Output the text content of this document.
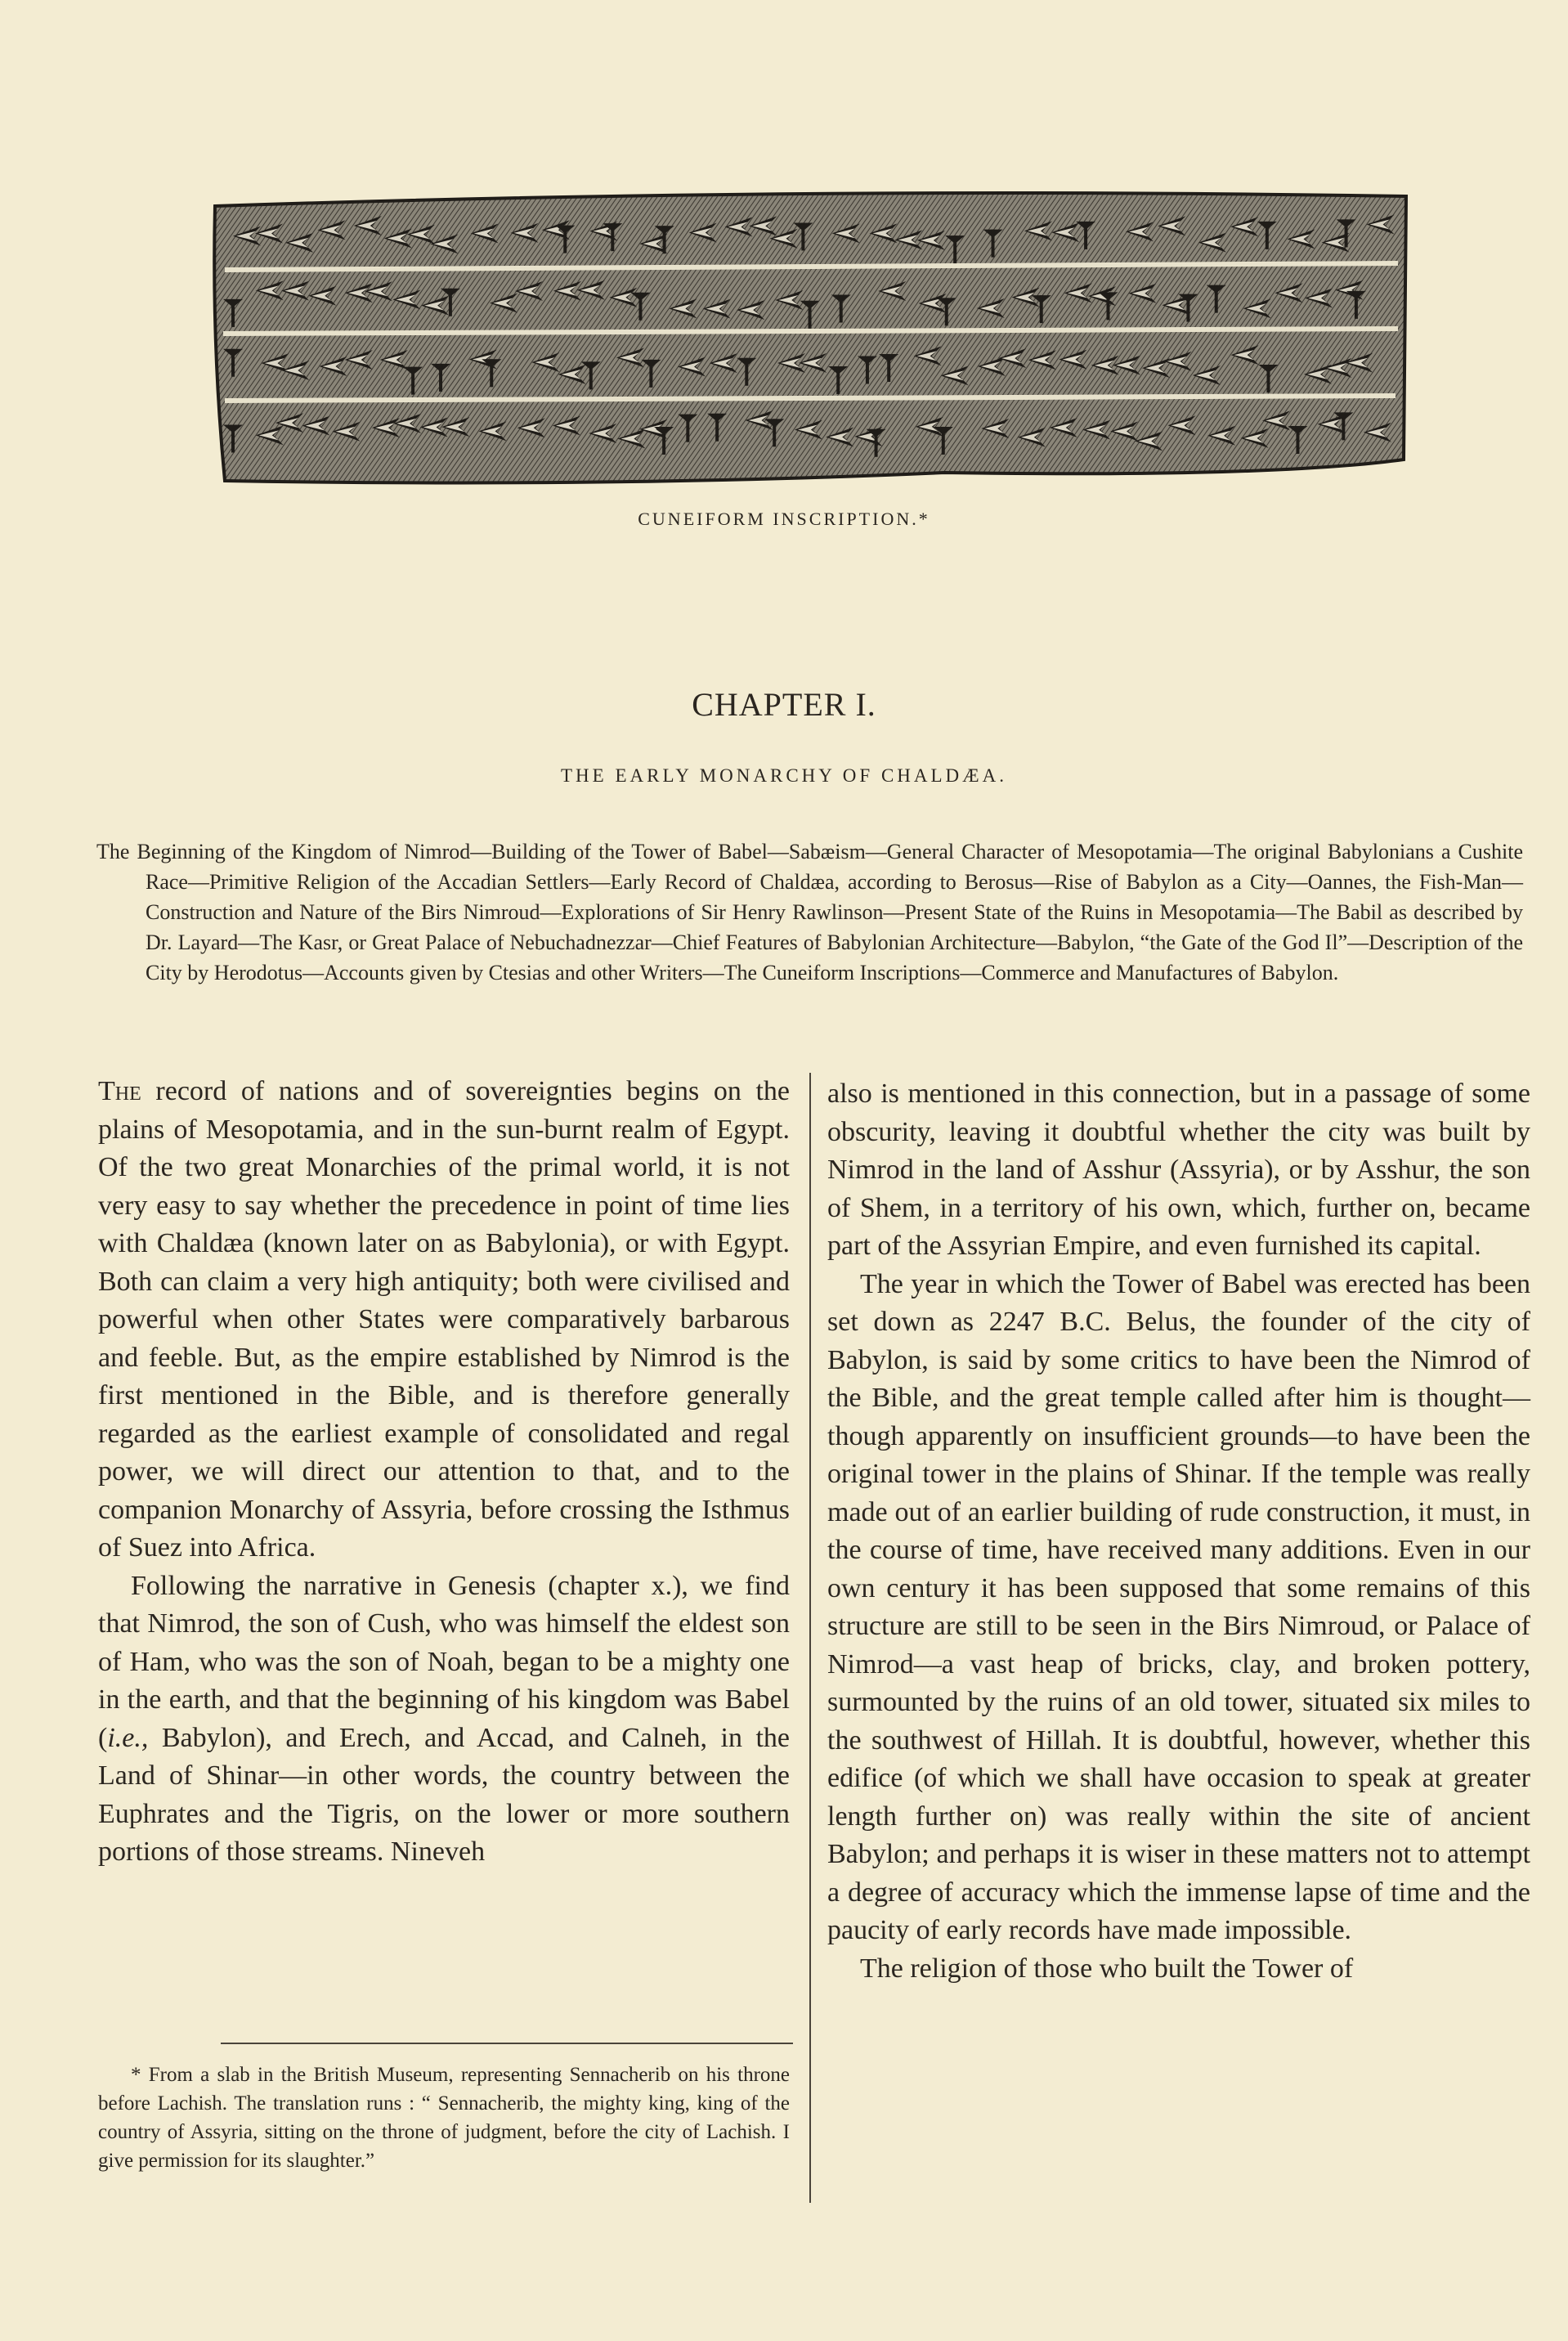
CUNEIFORM INSCRIPTION.*
CHAPTER I.
THE EARLY MONARCHY OF CHALDÆA.
The Beginning of the Kingdom of Nimrod—Building of the Tower of Babel—Sabæism—General Character of Mesopotamia—The original Babylonians a Cushite Race—Primitive Religion of the Accadian Settlers—Early Record of Chaldæa, according to Berosus—Rise of Babylon as a City—Oannes, the Fish-Man—Construction and Nature of the Birs Nimroud—Explorations of Sir Henry Rawlinson—Present State of the Ruins in Mesopotamia—The Babil as described by Dr. Layard—The Kasr, or Great Palace of Nebuchadnezzar—Chief Features of Babylonian Architecture—Babylon, “the Gate of the God Il”—Description of the City by Herodotus—Accounts given by Ctesias and other Writers—The Cuneiform Inscriptions—Commerce and Manufactures of Babylon.

The record of nations and of sovereignties begins on the plains of Mesopotamia, and in the sun-burnt realm of Egypt. Of the two great Monarchies of the primal world, it is not very easy to say whether the precedence in point of time lies with Chaldæa (known later on as Babylonia), or with Egypt. Both can claim a very high antiquity; both were civilised and powerful when other States were comparatively barbarous and feeble. But, as the empire established by Nimrod is the first mentioned in the Bible, and is therefore generally regarded as the earliest example of consolidated and regal power, we will direct our attention to that, and to the companion Monarchy of Assyria, before crossing the Isthmus of Suez into Africa.

Following the narrative in Genesis (chapter x.), we find that Nimrod, the son of Cush, who was himself the eldest son of Ham, who was the son of Noah, began to be a mighty one in the earth, and that the beginning of his kingdom was Babel (i.e., Babylon), and Erech, and Accad, and Calneh, in the Land of Shinar—in other words, the country between the Euphrates and the Tigris, on the lower or more southern portions of those streams. Nineveh

also is mentioned in this connection, but in a passage of some obscurity, leaving it doubtful whether the city was built by Nimrod in the land of Asshur (Assyria), or by Asshur, the son of Shem, in a territory of his own, which, further on, became part of the Assyrian Empire, and even furnished its capital.

The year in which the Tower of Babel was erected has been set down as 2247 B.C. Belus, the founder of the city of Babylon, is said by some critics to have been the Nimrod of the Bible, and the great temple called after him is thought—though apparently on insufficient grounds—to have been the original tower in the plains of Shinar. If the temple was really made out of an earlier building of rude construction, it must, in the course of time, have received many additions. Even in our own century it has been supposed that some remains of this structure are still to be seen in the Birs Nimroud, or Palace of Nimrod—a vast heap of bricks, clay, and broken pottery, surmounted by the ruins of an old tower, situated six miles to the southwest of Hillah. It is doubtful, however, whether this edifice (of which we shall have occasion to speak at greater length further on) was really within the site of ancient Babylon; and perhaps it is wiser in these matters not to attempt a degree of accuracy which the immense lapse of time and the paucity of early records have made impossible.

The religion of those who built the Tower of

* From a slab in the British Museum, representing Sennacherib on his throne before Lachish. The translation runs : “ Sennacherib, the mighty king, king of the country of Assyria, sitting on the throne of judgment, before the city of Lachish. I give permission for its slaughter.”
